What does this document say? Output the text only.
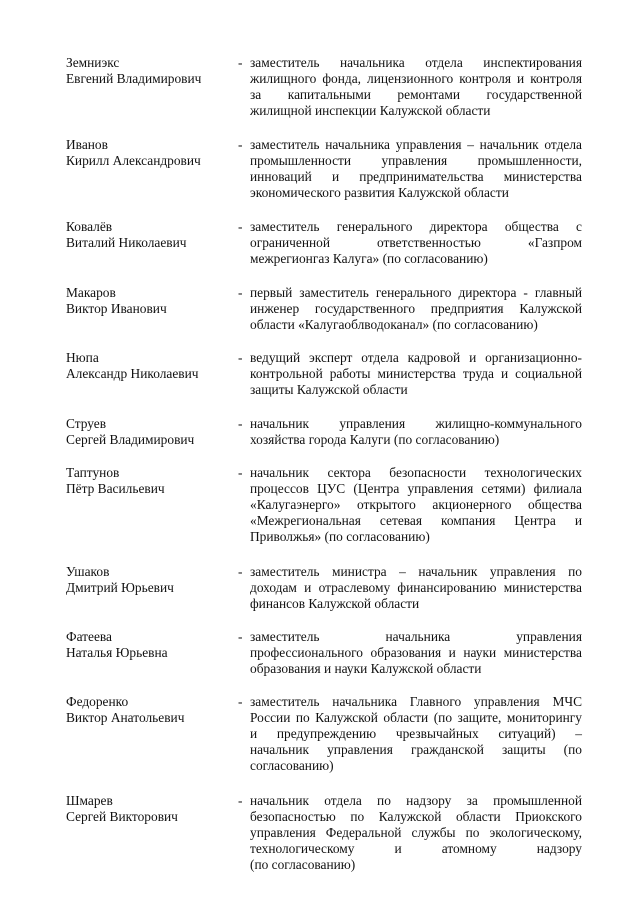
Земниэкс
Евгений Владимирович
- заместитель начальника отдела инспектирования
жилищного фонда, лицензионного контроля и контроля
за капитальными ремонтами государственной
жилищной инспекции Калужской области
Иванов
Кирилл Александрович
- заместитель начальника управления – начальник отдела
промышленности управления промышленности,
инноваций и предпринимательства министерства
экономического развития Калужской области
Ковалёв
Виталий Николаевич
- заместитель генерального директора общества с
ограниченной ответственностью «Газпром
межрегионгаз Калуга» (по согласованию)
Макаров
Виктор Иванович
- первый заместитель генерального директора - главный
инженер государственного предприятия Калужской
области «Калугаоблводоканал» (по согласованию)
Нюпа
Александр Николаевич
- ведущий эксперт отдела кадровой и организационно-
контрольной работы министерства труда и социальной
защиты Калужской области
Струев
Сергей Владимирович
- начальник управления жилищно-коммунального
хозяйства города Калуги (по согласованию)
Таптунов
Пётр Васильевич
- начальник сектора безопасности технологических
процессов ЦУС (Центра управления сетями) филиала
«Калугаэнерго» открытого акционерного общества
«Межрегиональная сетевая компания Центра и
Приволжья» (по согласованию)
Ушаков
Дмитрий Юрьевич
- заместитель министра – начальник управления по
доходам и отраслевому финансированию министерства
финансов Калужской области
Фатеева
Наталья Юрьевна
- заместитель начальника управления
профессионального образования и науки министерства
образования и науки Калужской области
Федоренко
Виктор Анатольевич
- заместитель начальника Главного управления МЧС
России по Калужской области (по защите, мониторингу
и предупреждению чрезвычайных ситуаций) –
начальник управления гражданской защиты (по
согласованию)
Шмарев
Сергей Викторович
- начальник отдела по надзору за промышленной
безопасностью по Калужской области Приокского
управления Федеральной службы по экологическому,
технологическому и атомному надзору
(по согласованию)
